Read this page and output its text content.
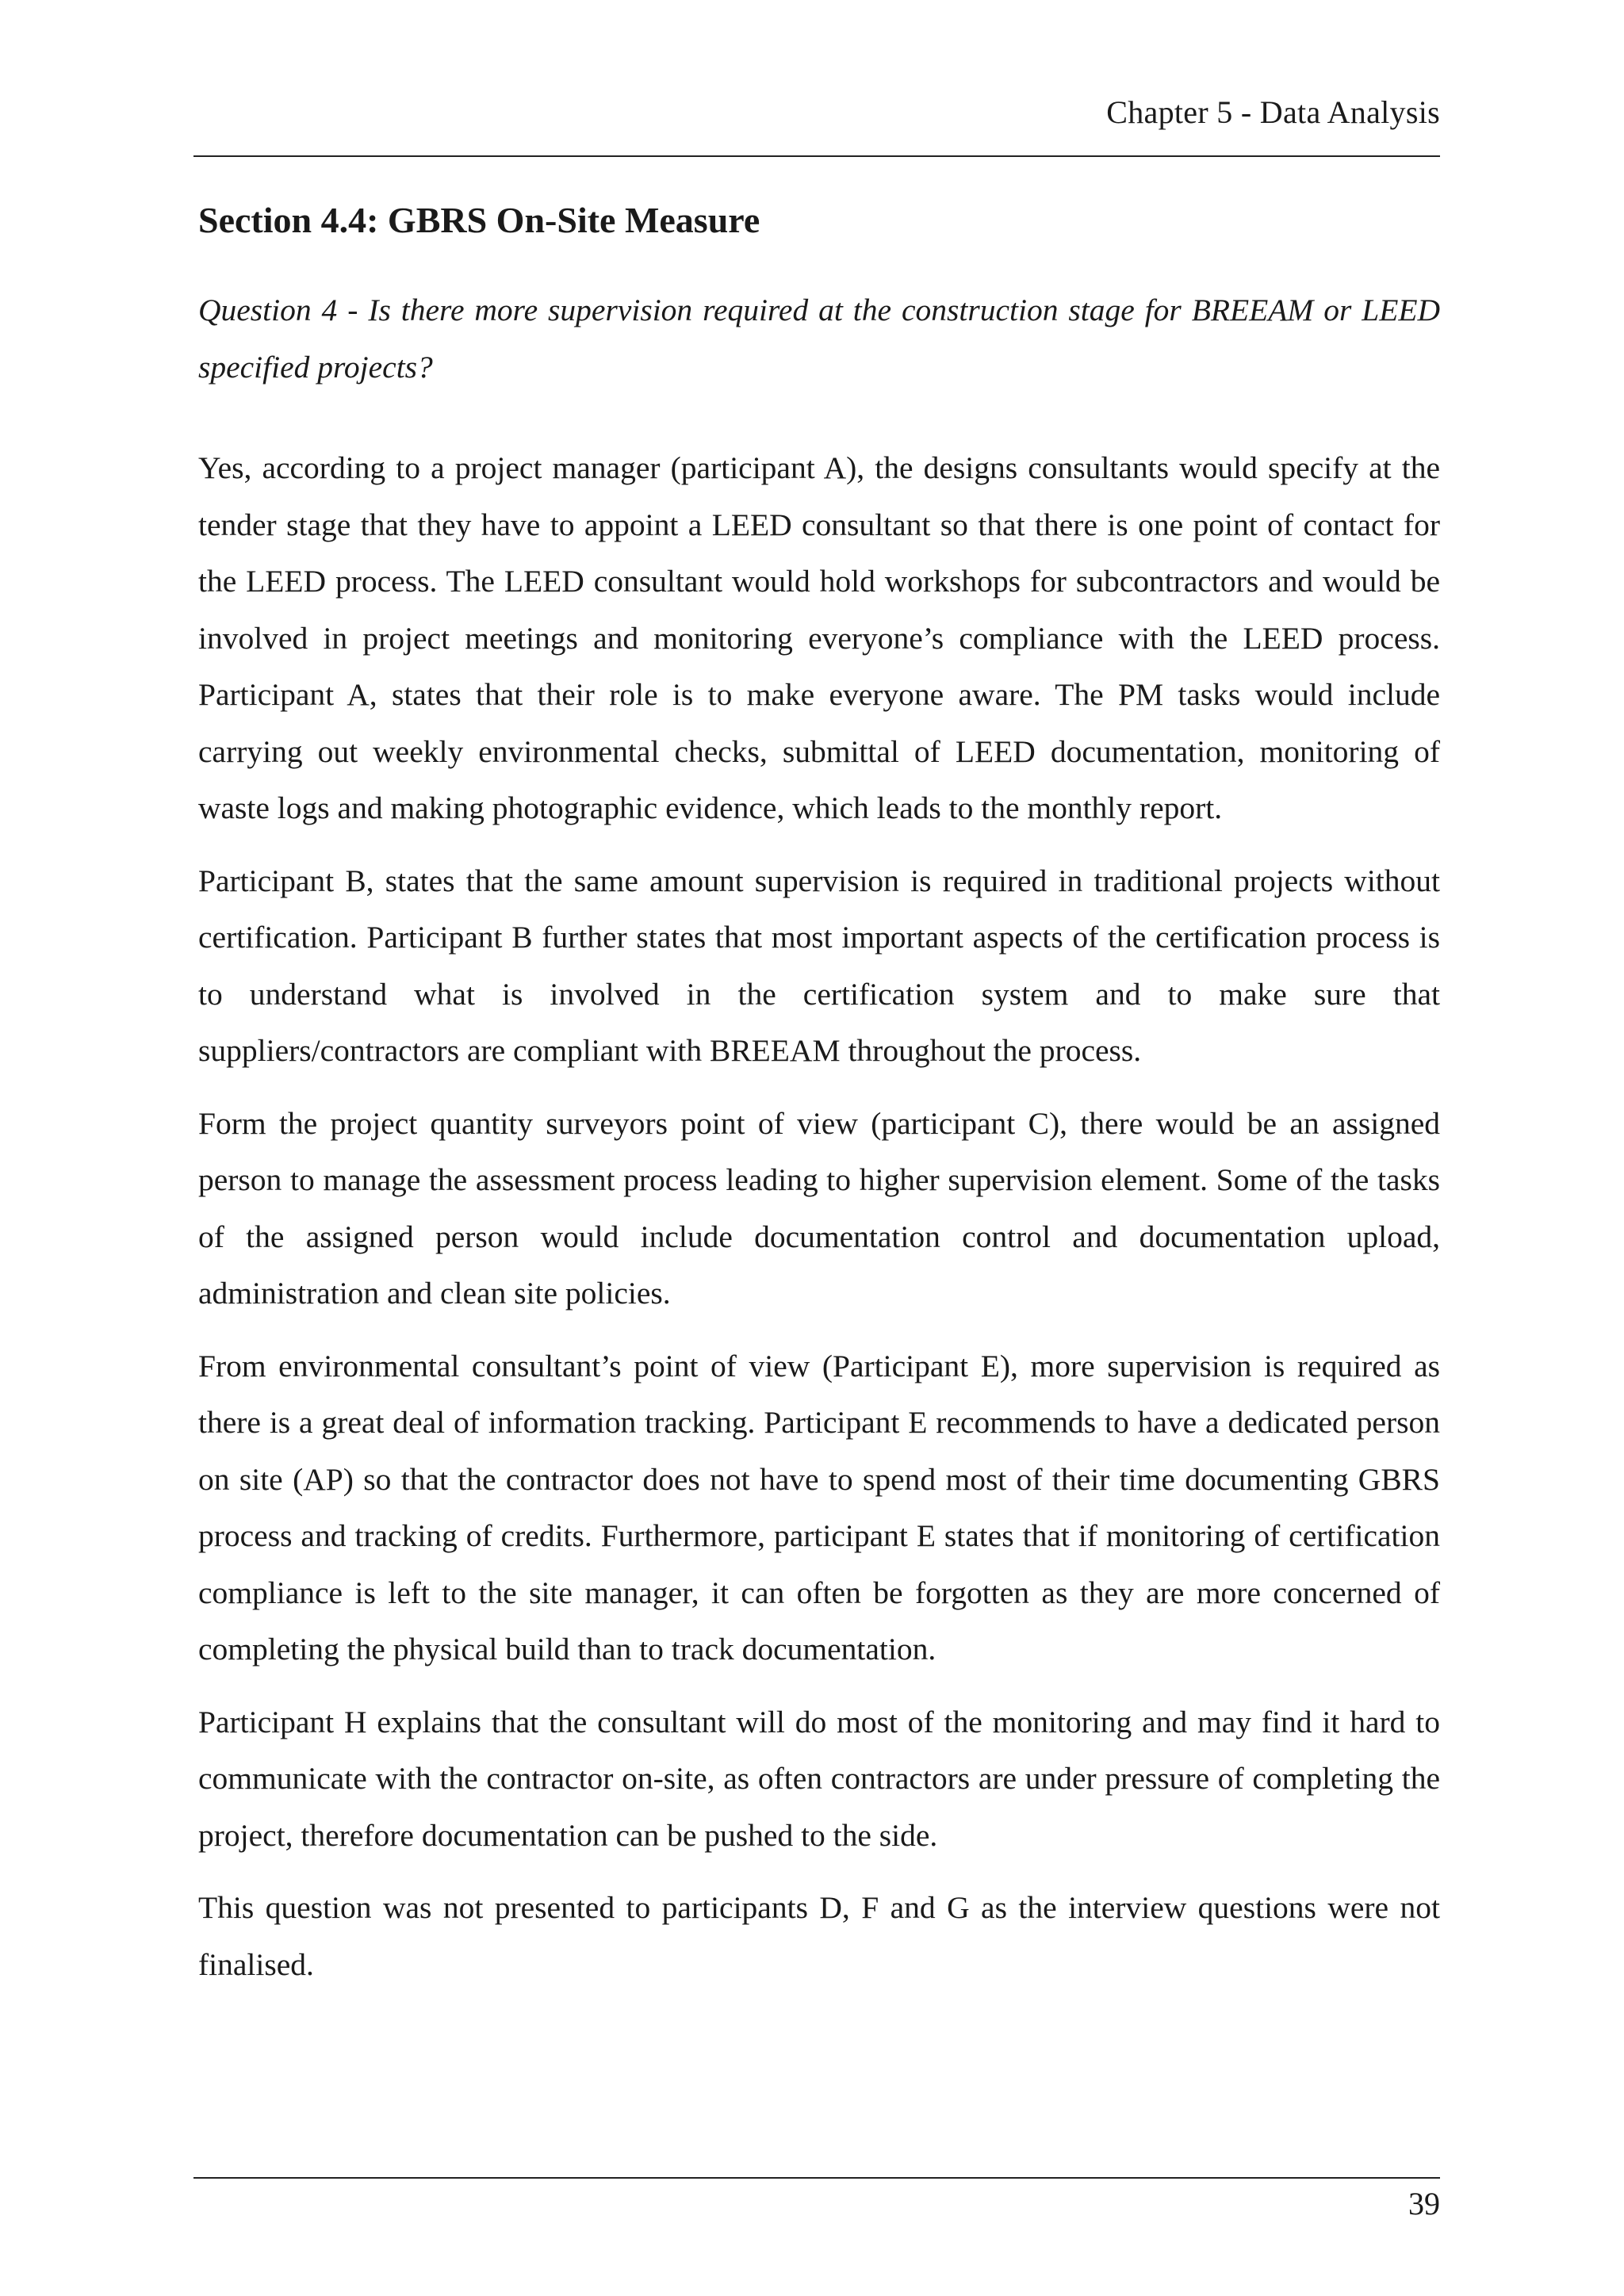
Chapter 5 - Data Analysis
Section 4.4: GBRS On-Site Measure

Question 4 - Is there more supervision required at the construction stage for BREEAM or LEED specified projects?

Yes, according to a project manager (participant A), the designs consultants would specify at the tender stage that they have to appoint a LEED consultant so that there is one point of contact for the LEED process. The LEED consultant would hold workshops for subcontractors and would be involved in project meetings and monitoring everyone’s compliance with the LEED process. Participant A, states that their role is to make everyone aware. The PM tasks would include carrying out weekly environmental checks, submittal of LEED documentation, monitoring of waste logs and making photographic evidence, which leads to the monthly report.

Participant B, states that the same amount supervision is required in traditional projects without certification. Participant B further states that most important aspects of the certification process is to understand what is involved in the certification system and to make sure that suppliers/contractors are compliant with BREEAM throughout the process.

Form the project quantity surveyors point of view (participant C), there would be an assigned person to manage the assessment process leading to higher supervision element. Some of the tasks of the assigned person would include documentation control and documentation upload, administration and clean site policies.

From environmental consultant’s point of view (Participant E), more supervision is required as there is a great deal of information tracking. Participant E recommends to have a dedicated person on site (AP) so that the contractor does not have to spend most of their time documenting GBRS process and tracking of credits. Furthermore, participant E states that if monitoring of certification compliance is left to the site manager, it can often be forgotten as they are more concerned of completing the physical build than to track documentation.

Participant H explains that the consultant will do most of the monitoring and may find it hard to communicate with the contractor on-site, as often contractors are under pressure of completing the project, therefore documentation can be pushed to the side.

This question was not presented to participants D, F and G as the interview questions were not finalised.

39
